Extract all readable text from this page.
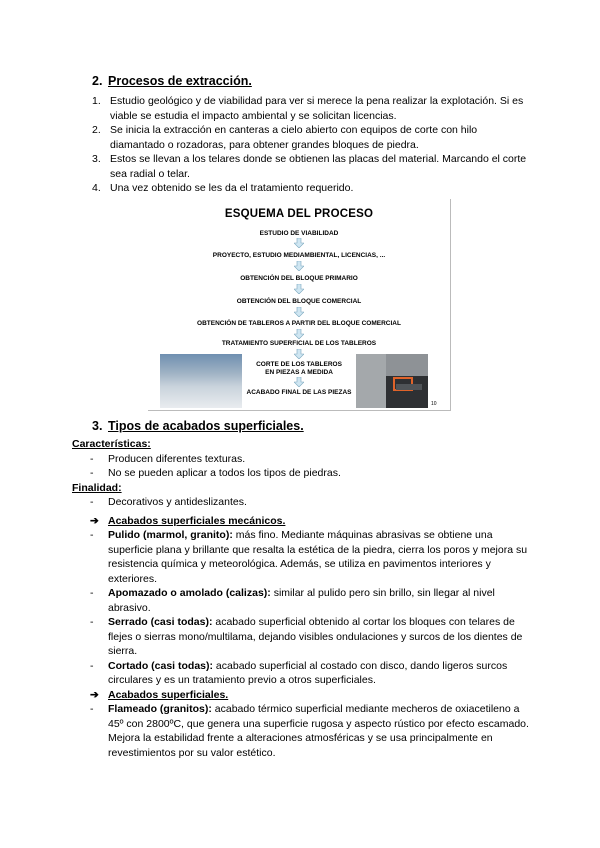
2. Procesos de extracción.
1. Estudio geológico y de viabilidad para ver si merece la pena realizar la explotación. Si es viable se estudia el impacto ambiental y se solicitan licencias.
2. Se inicia la extracción en canteras a cielo abierto con equipos de corte con hilo diamantado o rozadoras, para obtener grandes bloques de piedra.
3. Estos se llevan a los telares donde se obtienen las placas del material. Marcando el corte sea radial o telar.
4. Una vez obtenido se les da el tratamiento requerido.
ESQUEMA DEL PROCESO
ESTUDIO DE VIABILIDAD
PROYECTO, ESTUDIO MEDIAMBIENTAL, LICENCIAS, ...
OBTENCIÓN DEL BLOQUE PRIMARIO
OBTENCIÓN DEL BLOQUE COMERCIAL
OBTENCIÓN DE TABLEROS A PARTIR DEL BLOQUE COMERCIAL
TRATAMIENTO SUPERFICIAL DE LOS TABLEROS
CORTE DE LOS TABLEROS
EN PIEZAS A MEDIDA
ACABADO FINAL DE LAS PIEZAS
10
3. Tipos de acabados superficiales.
Características:
-	Producen diferentes texturas.
-	No se pueden aplicar a todos los tipos de piedras.
Finalidad:
-	Decorativos y antideslizantes.
➔ Acabados superficiales mecánicos.
-	Pulido (marmol, granito): más fino. Mediante máquinas abrasivas se obtiene una superficie plana y brillante que resalta la estética de la piedra, cierra los poros y mejora su resistencia química y meteorológica. Además, se utiliza en pavimentos interiores y exteriores.
-	Apomazado o amolado (calizas): similar al pulido pero sin brillo, sin llegar al nivel abrasivo.
-	Serrado (casi todas): acabado superficial obtenido al cortar los bloques con telares de flejes o sierras mono/multilama, dejando visibles ondulaciones y surcos de los dientes de sierra.
-	Cortado (casi todas): acabado superficial al costado con disco, dando ligeros surcos circulares y es un tratamiento previo a otros superficiales.
➔ Acabados superficiales.
-	Flameado (granitos): acabado térmico superficial mediante mecheros de oxiacetileno a 45º con 2800ºC, que genera una superficie rugosa y aspecto rústico por efecto escamado. Mejora la estabilidad frente a alteraciones atmosféricas y se usa principalmente en revestimientos por su valor estético.
